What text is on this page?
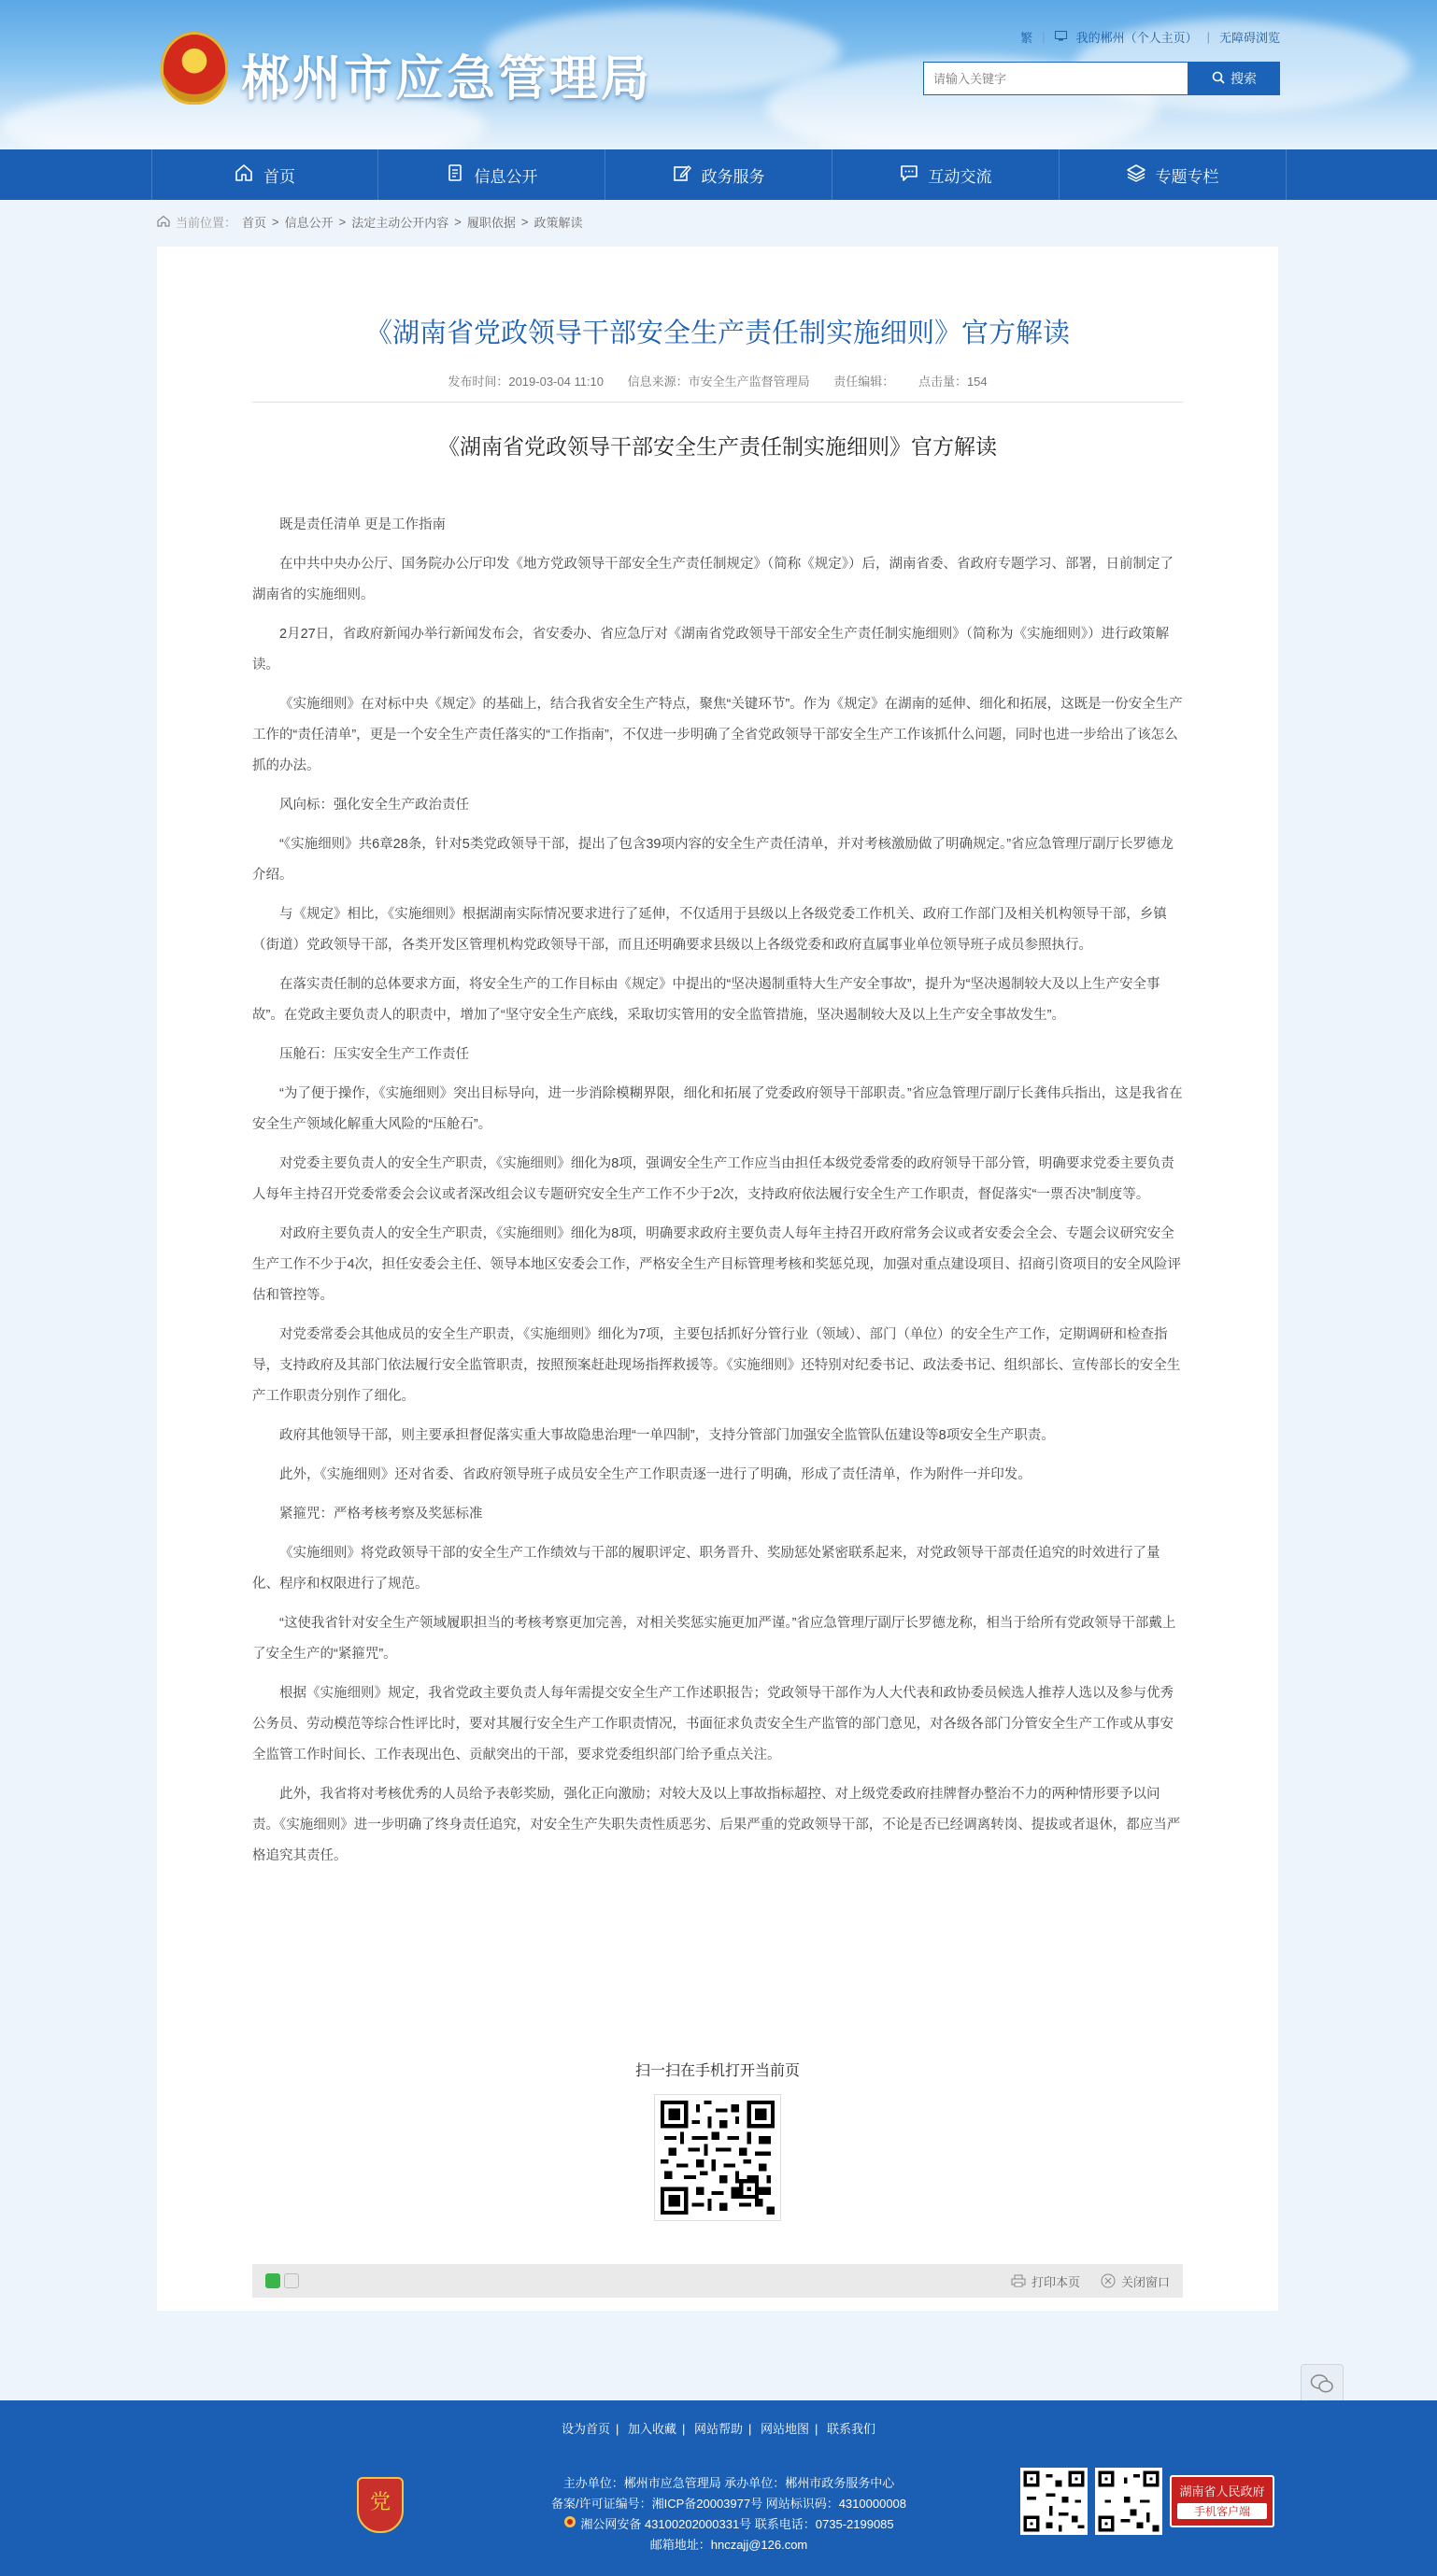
★ 郴州市应急管理局
繁 |	我的郴州（个人主页） | 无障碍浏览
请输入关键字
搜索
首页	信息公开	政务服务	互动交流	专题专栏
当前位置： 首页 > 信息公开 > 法定主动公开内容 > 履职依据 > 政策解读
《湖南省党政领导干部安全生产责任制实施细则》官方解读
发布时间：2019-03-04 11:10 信息来源：市安全生产监督管理局 责任编辑： 点击量：154
《湖南省党政领导干部安全生产责任制实施细则》官方解读

既是责任清单 更是工作指南

在中共中央办公厅、国务院办公厅印发《地方党政领导干部安全生产责任制规定》（简称《规定》）后，湖南省委、省政府专题学习、部署，日前制定了湖南省的实施细则。

2月27日，省政府新闻办举行新闻发布会，省安委办、省应急厅对《湖南省党政领导干部安全生产责任制实施细则》（简称为《实施细则》）进行政策解读。

《实施细则》在对标中央《规定》的基础上，结合我省安全生产特点，聚焦“关键环节”。作为《规定》在湖南的延伸、细化和拓展，这既是一份安全生产工作的“责任清单”，更是一个安全生产责任落实的“工作指南”，不仅进一步明确了全省党政领导干部安全生产工作该抓什么问题，同时也进一步给出了该怎么抓的办法。

风向标：强化安全生产政治责任

“《实施细则》共6章28条，针对5类党政领导干部，提出了包含39项内容的安全生产责任清单，并对考核激励做了明确规定。”省应急管理厅副厅长罗德龙介绍。

与《规定》相比，《实施细则》根据湖南实际情况要求进行了延伸，不仅适用于县级以上各级党委工作机关、政府工作部门及相关机构领导干部，乡镇（街道）党政领导干部，各类开发区管理机构党政领导干部，而且还明确要求县级以上各级党委和政府直属事业单位领导班子成员参照执行。

在落实责任制的总体要求方面，将安全生产的工作目标由《规定》中提出的“坚决遏制重特大生产安全事故”，提升为“坚决遏制较大及以上生产安全事故”。在党政主要负责人的职责中，增加了“坚守安全生产底线，采取切实管用的安全监管措施，坚决遏制较大及以上生产安全事故发生”。

压舱石：压实安全生产工作责任

“为了便于操作，《实施细则》突出目标导向，进一步消除模糊界限，细化和拓展了党委政府领导干部职责。”省应急管理厅副厅长龚伟兵指出，这是我省在安全生产领域化解重大风险的“压舱石”。

对党委主要负责人的安全生产职责，《实施细则》细化为8项，强调安全生产工作应当由担任本级党委常委的政府领导干部分管，明确要求党委主要负责人每年主持召开党委常委会会议或者深改组会议专题研究安全生产工作不少于2次，支持政府依法履行安全生产工作职责，督促落实“一票否决”制度等。

对政府主要负责人的安全生产职责，《实施细则》细化为8项，明确要求政府主要负责人每年主持召开政府常务会议或者安委会全会、专题会议研究安全生产工作不少于4次，担任安委会主任、领导本地区安委会工作，严格安全生产目标管理考核和奖惩兑现，加强对重点建设项目、招商引资项目的安全风险评估和管控等。

对党委常委会其他成员的安全生产职责，《实施细则》细化为7项，主要包括抓好分管行业（领域）、部门（单位）的安全生产工作，定期调研和检查指导，支持政府及其部门依法履行安全监管职责，按照预案赶赴现场指挥救援等。《实施细则》还特别对纪委书记、政法委书记、组织部长、宣传部长的安全生产工作职责分别作了细化。

政府其他领导干部，则主要承担督促落实重大事故隐患治理“一单四制”，支持分管部门加强安全监管队伍建设等8项安全生产职责。

此外，《实施细则》还对省委、省政府领导班子成员安全生产工作职责逐一进行了明确，形成了责任清单，作为附件一并印发。

紧箍咒：严格考核考察及奖惩标准

《实施细则》将党政领导干部的安全生产工作绩效与干部的履职评定、职务晋升、奖励惩处紧密联系起来，对党政领导干部责任追究的时效进行了量化、程序和权限进行了规范。

“这使我省针对安全生产领域履职担当的考核考察更加完善，对相关奖惩实施更加严谨。”省应急管理厅副厅长罗德龙称，相当于给所有党政领导干部戴上了安全生产的“紧箍咒”。

根据《实施细则》规定，我省党政主要负责人每年需提交安全生产工作述职报告；党政领导干部作为人大代表和政协委员候选人推荐人选以及参与优秀公务员、劳动模范等综合性评比时，要对其履行安全生产工作职责情况，书面征求负责安全生产监管的部门意见，对各级各部门分管安全生产工作或从事安全监管工作时间长、工作表现出色、贡献突出的干部，要求党委组织部门给予重点关注。

此外，我省将对考核优秀的人员给予表彰奖励，强化正向激励；对较大及以上事故指标超控、对上级党委政府挂牌督办整治不力的两种情形要予以问责。《实施细则》进一步明确了终身责任追究，对安全生产失职失责性质恶劣、后果严重的党政领导干部，不论是否已经调离转岗、提拔或者退休，都应当严格追究其责任。

扫一扫在手机打开当前页
打印本页	关闭窗口
设为首页 | 加入收藏 | 网站帮助 | 网站地图 | 联系我们
党
主办单位：郴州市应急管理局 承办单位：郴州市政务服务中心
备案/许可证编号：湘ICP备20003977号 网站标识码：4310000008
湘公网安备 43100202000331号 联系电话：0735-2199085
邮箱地址：hnczajj@126.com
湖南省人民政府
手机客户端
